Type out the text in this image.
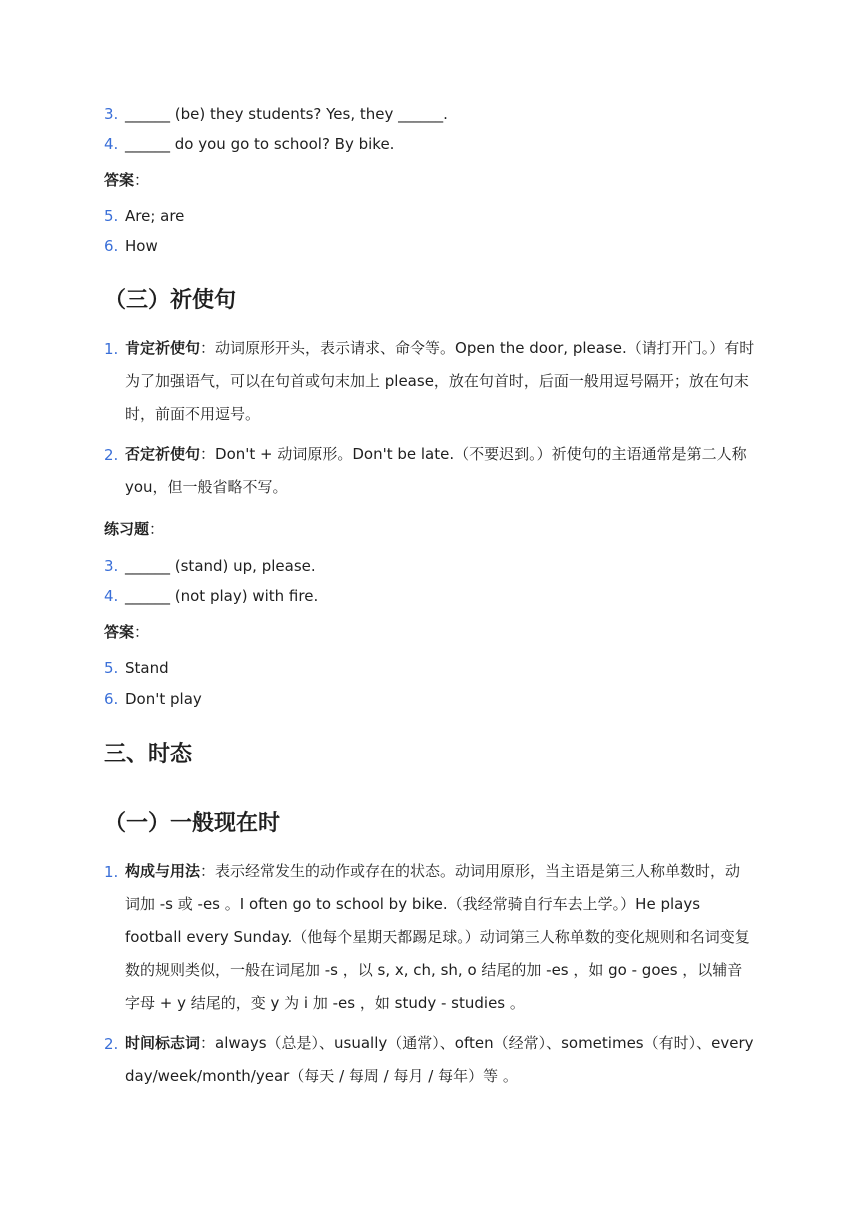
3. ______ (be) they students? Yes, they ______.
4. ______ do you go to school? By bike.
答案：
5. Are; are
6. How
（三）祈使句
1. 肯定祈使句：动词原形开头，表示请求、命令等。Open the door, please.（请打开门。）有时为了加强语气，可以在句首或句末加上 please，放在句首时，后面一般用逗号隔开；放在句末时，前面不用逗号。
2. 否定祈使句：Don't + 动词原形。Don't be late.（不要迟到。）祈使句的主语通常是第二人称 you，但一般省略不写。
练习题：
3. ______ (stand) up, please.
4. ______ (not play) with fire.
答案：
5. Stand
6. Don't play
三、时态
（一）一般现在时
1. 构成与用法：表示经常发生的动作或存在的状态。动词用原形，当主语是第三人称单数时，动词加 -s 或 -es 。I often go to school by bike.（我经常骑自行车去上学。）He plays football every Sunday.（他每个星期天都踢足球。）动词第三人称单数的变化规则和名词变复数的规则类似，一般在词尾加 -s ，以 s, x, ch, sh, o 结尾的加 -es ，如 go - goes ，以辅音字母 + y 结尾的，变 y 为 i 加 -es ，如 study - studies 。
2. 时间标志词：always（总是）、usually（通常）、often（经常）、sometimes（有时）、every day/week/month/year（每天 / 每周 / 每月 / 每年）等 。
